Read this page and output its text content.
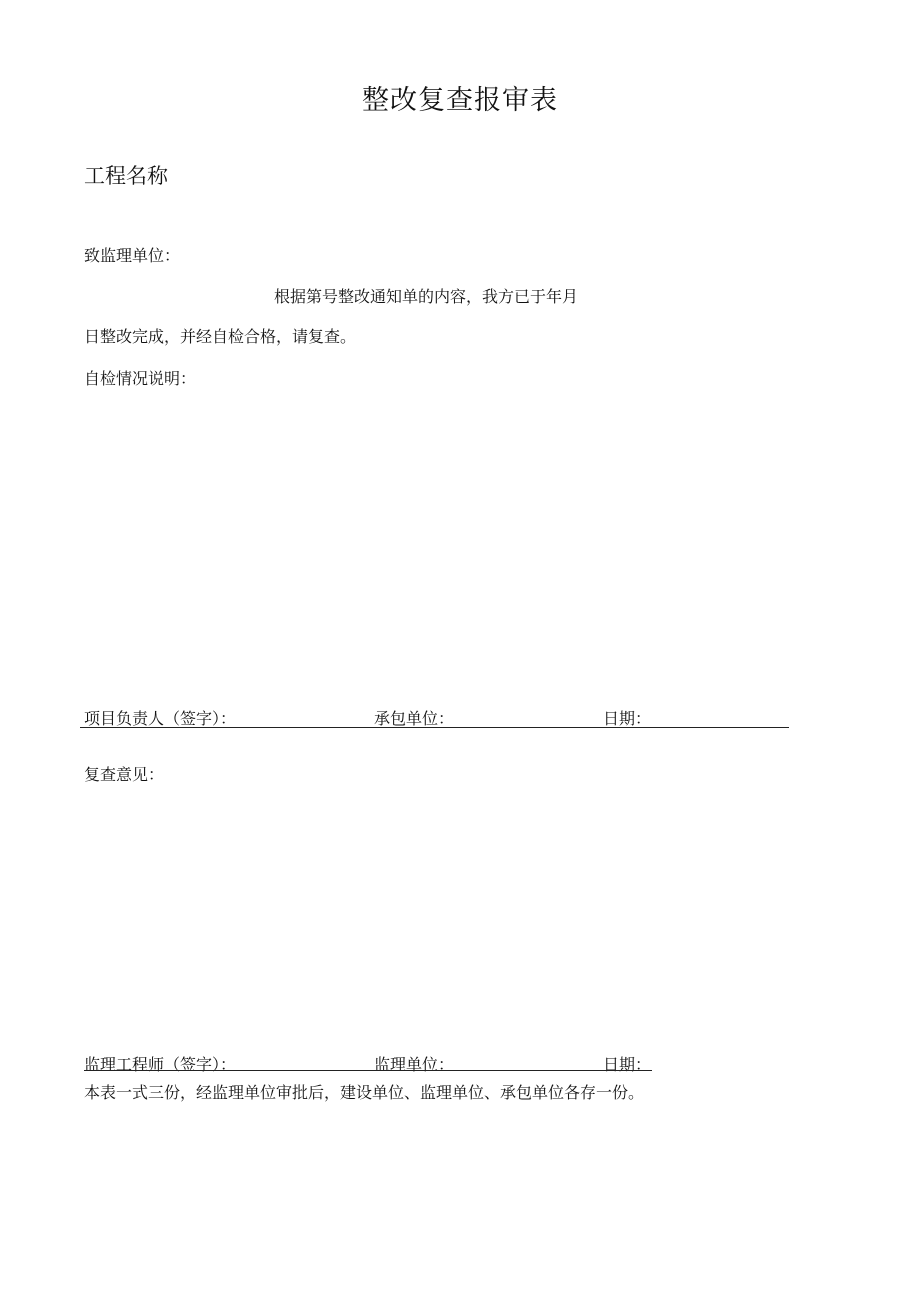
整改复查报审表
工程名称
致监理单位：
根据第号整改通知单的内容，我方已于年月
日整改完成，并经自检合格，请复查。
自检情况说明：
项目负责人（签字）：	承包单位：	日期：
复查意见：
监理工程师（签字）：	监理单位：	日期：
本表一式三份，经监理单位审批后，建设单位、监理单位、承包单位各存一份。
